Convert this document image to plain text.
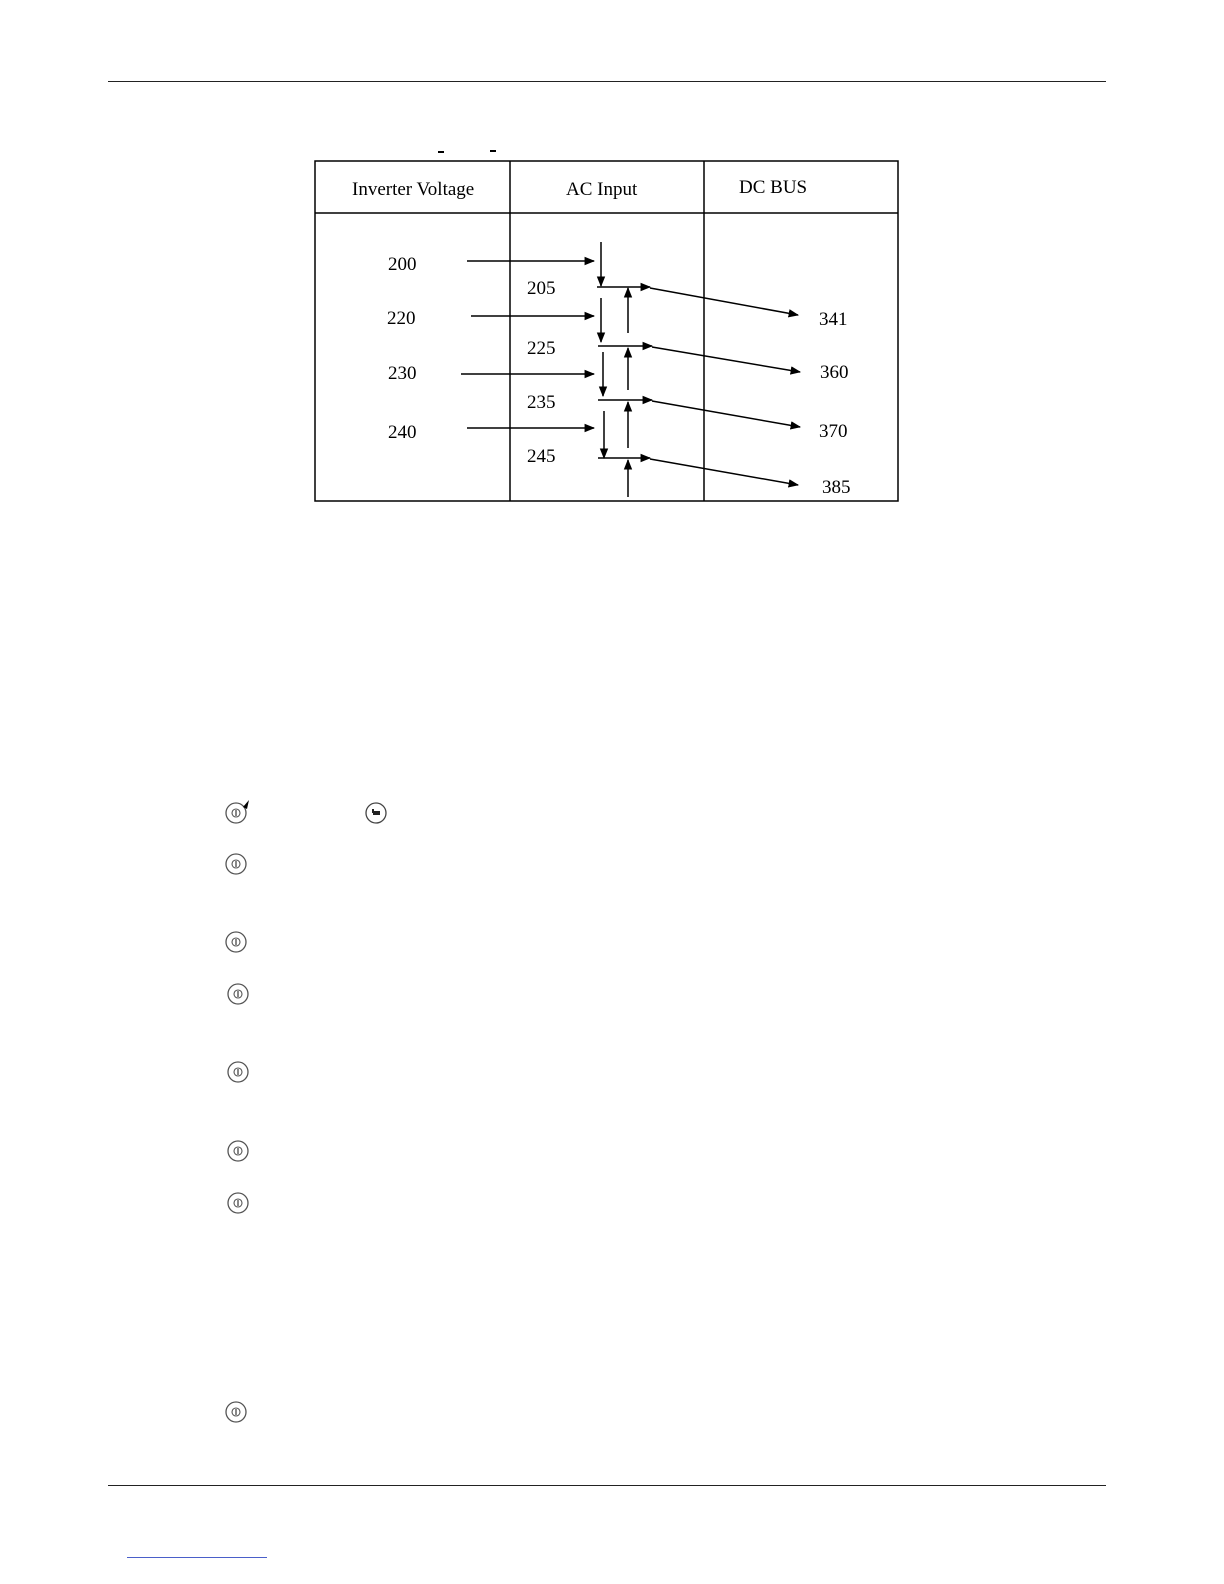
Inverter Voltage	AC Input	DC BUS
200
220
230
240
205
225
235
245
341
360
370
385
